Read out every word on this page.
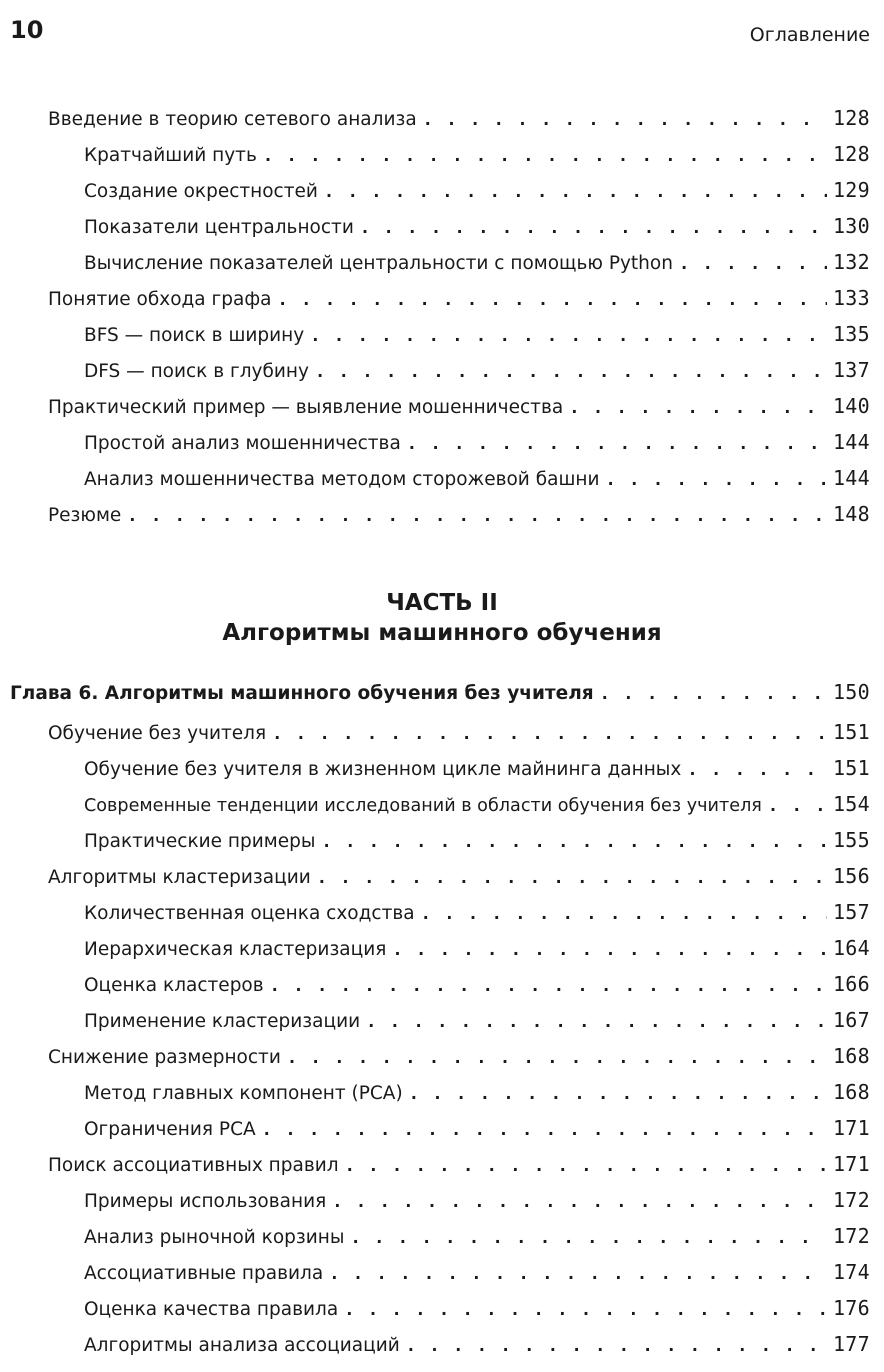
10	Оглавление
Введение в теорию сетевого анализа . . .	128
Кратчайший путь . . .	128
Создание окрестностей . . .	129
Показатели центральности . . .	130
Вычисление показателей центральности с помощью Python . . .	132
Понятие обхода графа . . .	133
BFS — поиск в ширину . . .	135
DFS — поиск в глубину . . .	137
Практический пример — выявление мошенничества . . .	140
Простой анализ мошенничества . . .	144
Анализ мошенничества методом сторожевой башни . . .	144
Резюме . . .	148
ЧАСТЬ II
Алгоритмы машинного обучения
Глава 6. Алгоритмы машинного обучения без учителя . . .	150
Обучение без учителя . . .	151
Обучение без учителя в жизненном цикле майнинга данных . . .	151
Современные тенденции исследований в области обучения без учителя . . .	154
Практические примеры . . .	155
Алгоритмы кластеризации . . .	156
Количественная оценка сходства . . .	157
Иерархическая кластеризация . . .	164
Оценка кластеров . . .	166
Применение кластеризации . . .	167
Снижение размерности . . .	168
Метод главных компонент (PCA) . . .	168
Ограничения PCA . . .	171
Поиск ассоциативных правил . . .	171
Примеры использования . . .	172
Анализ рыночной корзины . . .	172
Ассоциативные правила . . .	174
Оценка качества правила . . .	176
Алгоритмы анализа ассоциаций . . .	177
